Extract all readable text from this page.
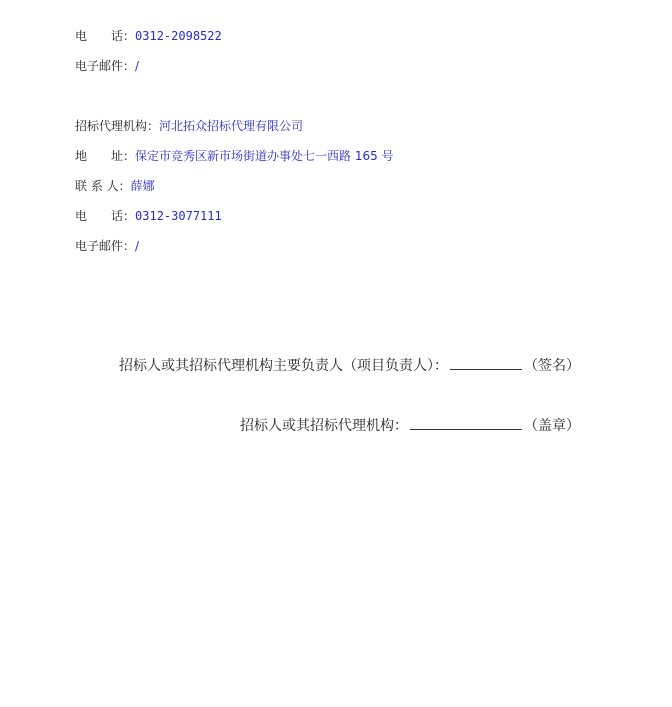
电　　话：0312-2098522
电子邮件：/
招标代理机构：河北拓众招标代理有限公司
地　　址：保定市竞秀区新市场街道办事处七一西路 165 号
联 系 人：薛娜
电　　话：0312-3077111
电子邮件：/
招标人或其招标代理机构主要负责人（项目负责人）：	（签名）
招标人或其招标代理机构：	（盖章）
